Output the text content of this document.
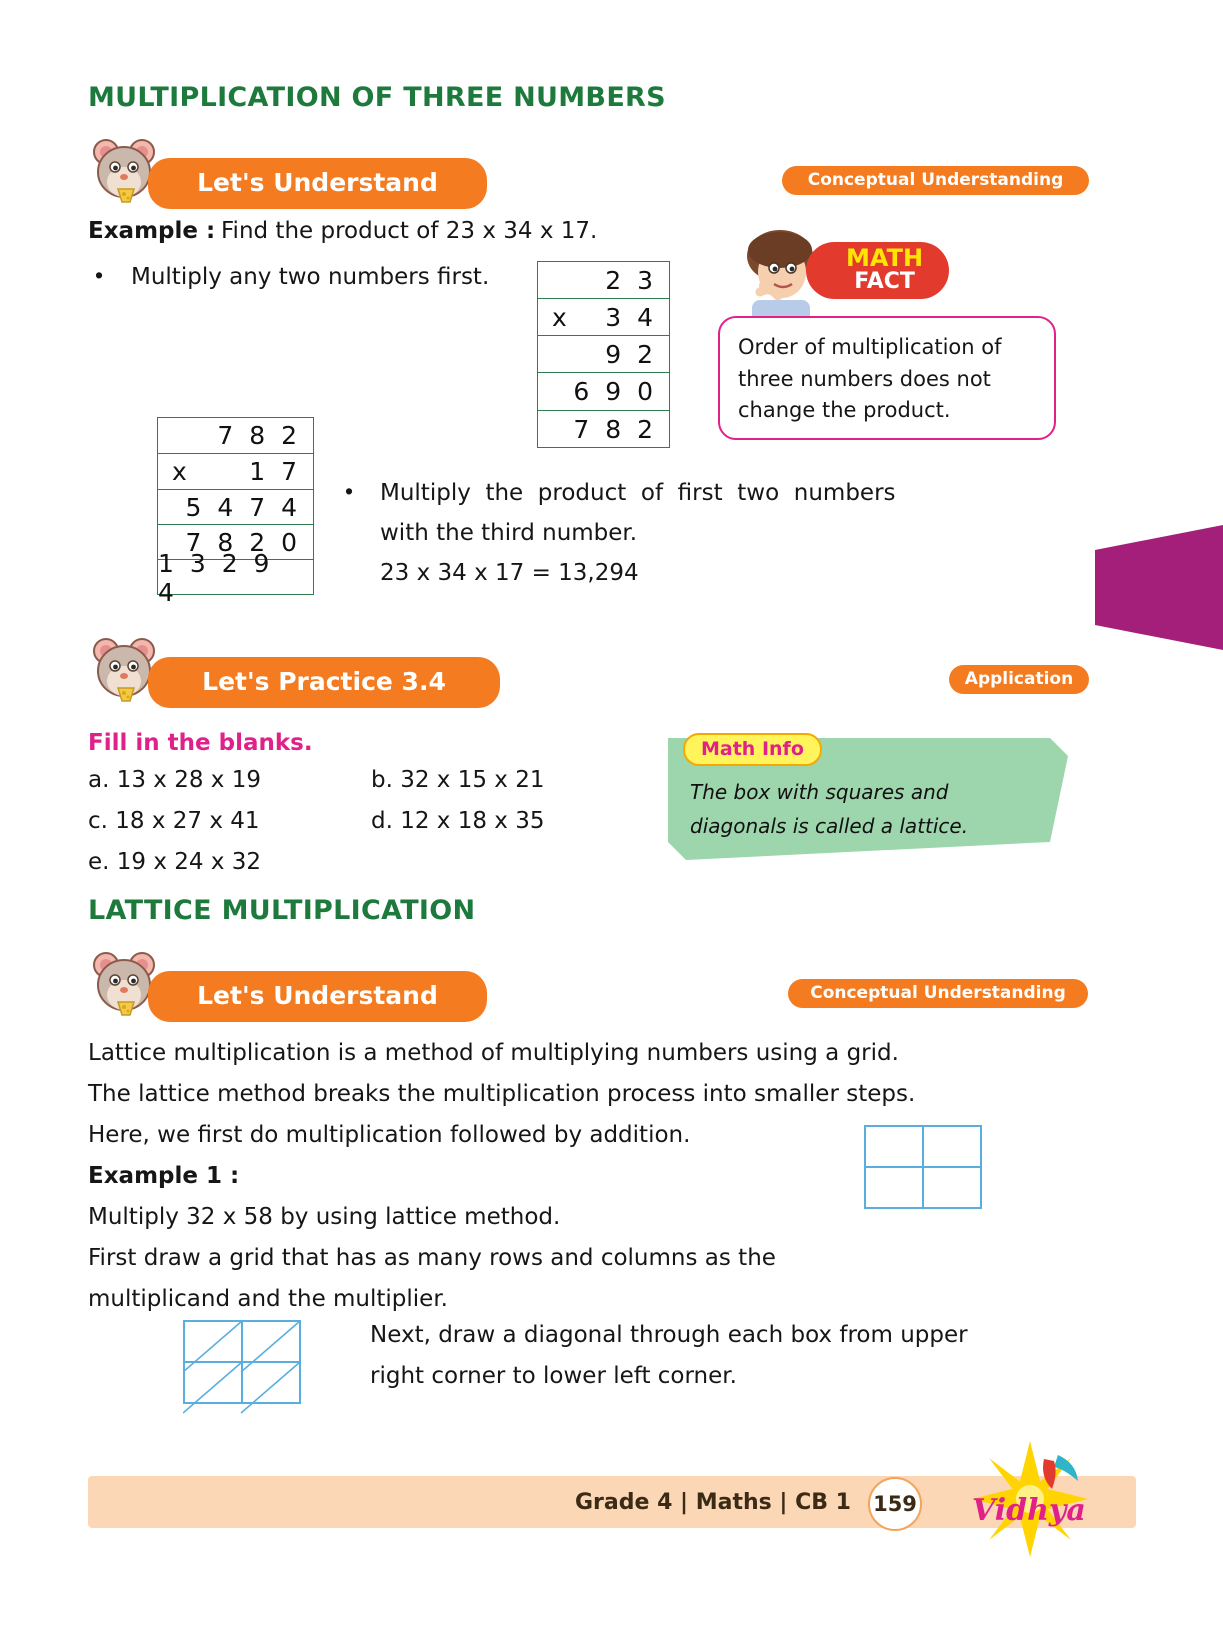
MULTIPLICATION OF THREE NUMBERS
Let's Understand	Conceptual Understanding
Example : Find the product of 23 x 34 x 17.
• Multiply any two numbers first.	2 3
x 3 4
9 2
6 9 0
7 8 2
MATH
FACT
Order of multiplication of
three numbers does not
change the product.
7 8 2
x 1 7
5 4 7 4
7 8 2 0
1 3 2 9 4
• Multiply  the  product  of  first  two  numbers
with the third number.
23 x 34 x 17 = 13,294
Let's Practice 3.4	Application
Fill in the blanks.
a. 13 x 28 x 19	b. 32 x 15 x 21
c. 18 x 27 x 41	d. 12 x 18 x 35
e. 19 x 24 x 32
Math Info
The box with squares and
diagonals is called a lattice.
LATTICE MULTIPLICATION
Let's Understand	Conceptual Understanding
Lattice multiplication is a method of multiplying numbers using a grid.
The lattice method breaks the multiplication process into smaller steps.
Here, we first do multiplication followed by addition.
Example 1 :
Multiply 32 x 58 by using lattice method.
First draw a grid that has as many rows and columns as the
multiplicand and the multiplier.
Next, draw a diagonal through each box from upper
right corner to lower left corner.
Grade 4 | Maths | CB 1 159 Vidhya
